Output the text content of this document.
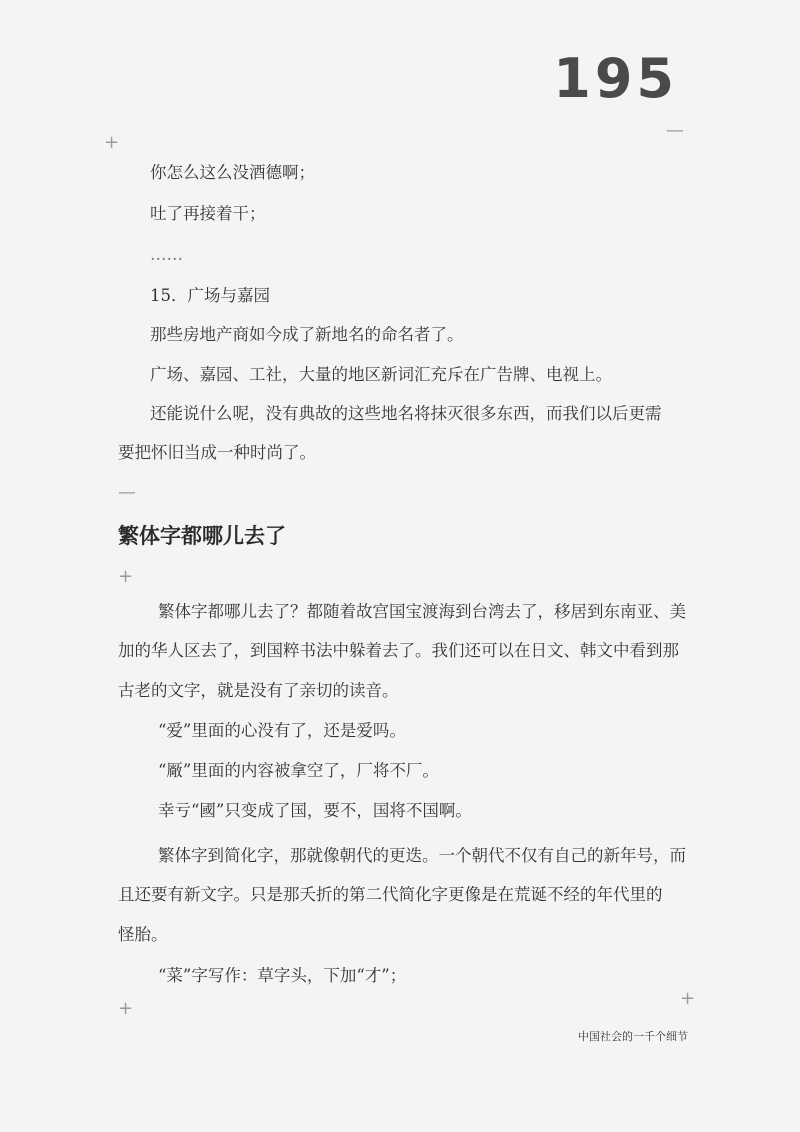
195
+
—
—
+
+
+
你怎么这么没酒德啊；
吐了再接着干；
……
15．广场与嘉园
那些房地产商如今成了新地名的命名者了。
广场、嘉园、工社，大量的地区新词汇充斥在广告牌、电视上。
还能说什么呢，没有典故的这些地名将抹灭很多东西，而我们以后更需
要把怀旧当成一种时尚了。
繁体字都哪儿去了
繁体字都哪儿去了？都随着故宫国宝渡海到台湾去了，移居到东南亚、美
加的华人区去了，到国粹书法中躲着去了。我们还可以在日文、韩文中看到那
古老的文字，就是没有了亲切的读音。
“爱”里面的心没有了，还是爱吗。
“厰”里面的内容被拿空了，厂将不厂。
幸亏“國”只变成了国，要不，国将不国啊。
繁体字到简化字，那就像朝代的更迭。一个朝代不仅有自己的新年号，而
且还要有新文字。只是那夭折的第二代简化字更像是在荒诞不经的年代里的
怪胎。
“菜”字写作：草字头，下加“才”；
中国社会的一千个细节
